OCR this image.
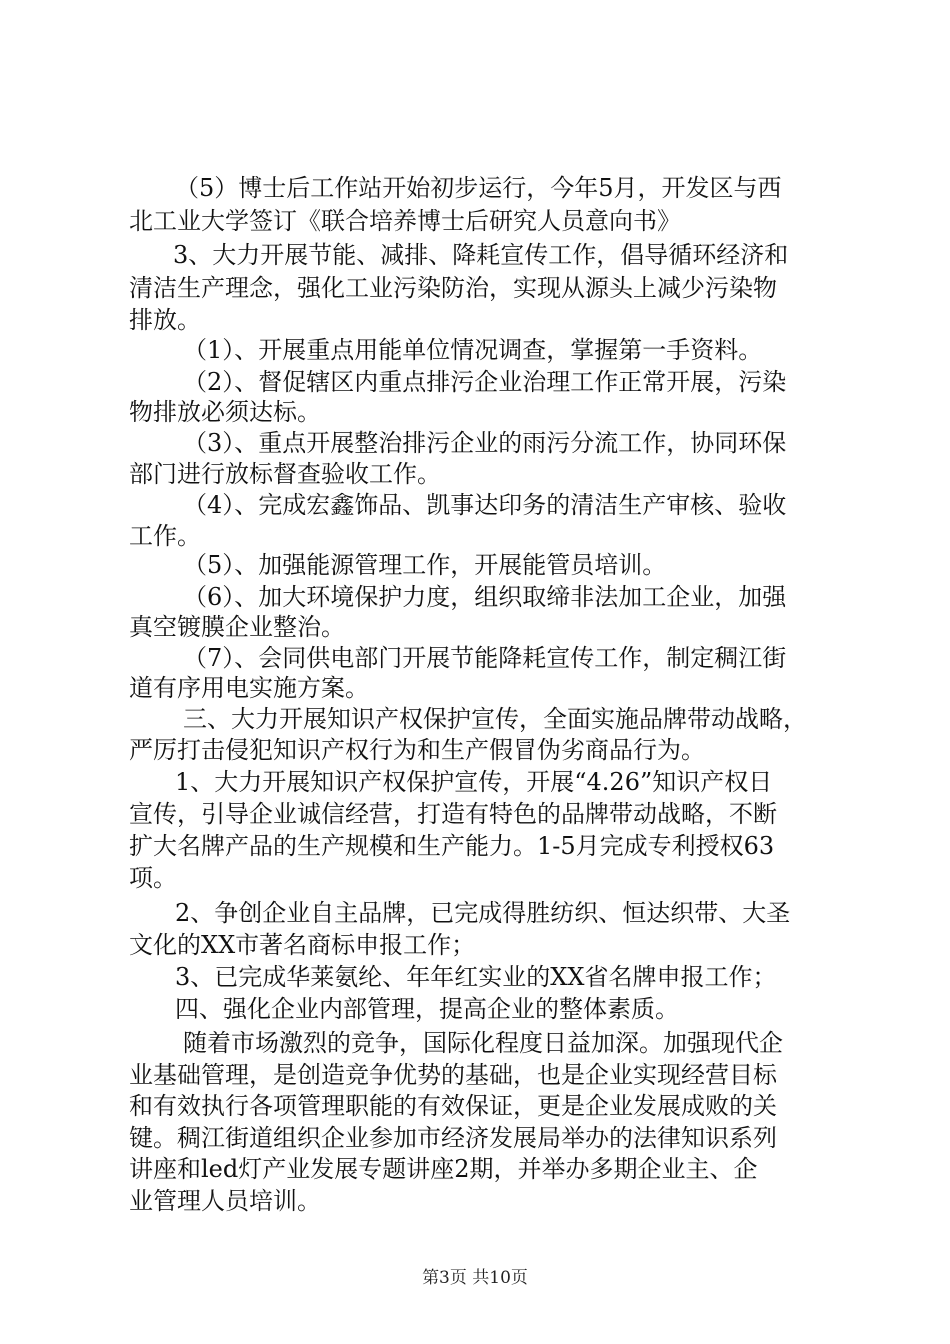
（5）博士后工作站开始初步运行，今年5月，开发区与西
北工业大学签订《联合培养博士后研究人员意向书》
3、大力开展节能、减排、降耗宣传工作，倡导循环经济和
清洁生产理念，强化工业污染防治，实现从源头上减少污染物
排放。
（1）、开展重点用能单位情况调查，掌握第一手资料。
（2）、督促辖区内重点排污企业治理工作正常开展，污染
物排放必须达标。
（3）、重点开展整治排污企业的雨污分流工作，协同环保
部门进行放标督查验收工作。
（4）、完成宏鑫饰品、凯事达印务的清洁生产审核、验收
工作。
（5）、加强能源管理工作，开展能管员培训。
（6）、加大环境保护力度，组织取缔非法加工企业，加强
真空镀膜企业整治。
（7）、会同供电部门开展节能降耗宣传工作，制定稠江街
道有序用电实施方案。
三、大力开展知识产权保护宣传，全面实施品牌带动战略，
严厉打击侵犯知识产权行为和生产假冒伪劣商品行为。
1、大力开展知识产权保护宣传，开展“4.26”知识产权日
宣传，引导企业诚信经营，打造有特色的品牌带动战略，不断
扩大名牌产品的生产规模和生产能力。1-5月完成专利授权63
项。
2、争创企业自主品牌，已完成得胜纺织、恒达织带、大圣
文化的XX市著名商标申报工作；
3、已完成华莱氨纶、年年红实业的XX省名牌申报工作；
四、强化企业内部管理，提高企业的整体素质。
随着市场激烈的竞争，国际化程度日益加深。加强现代企
业基础管理，是创造竞争优势的基础，也是企业实现经营目标
和有效执行各项管理职能的有效保证，更是企业发展成败的关
键。稠江街道组织企业参加市经济发展局举办的法律知识系列
讲座和led灯产业发展专题讲座2期，并举办多期企业主、企
业管理人员培训。
第3页 共10页
